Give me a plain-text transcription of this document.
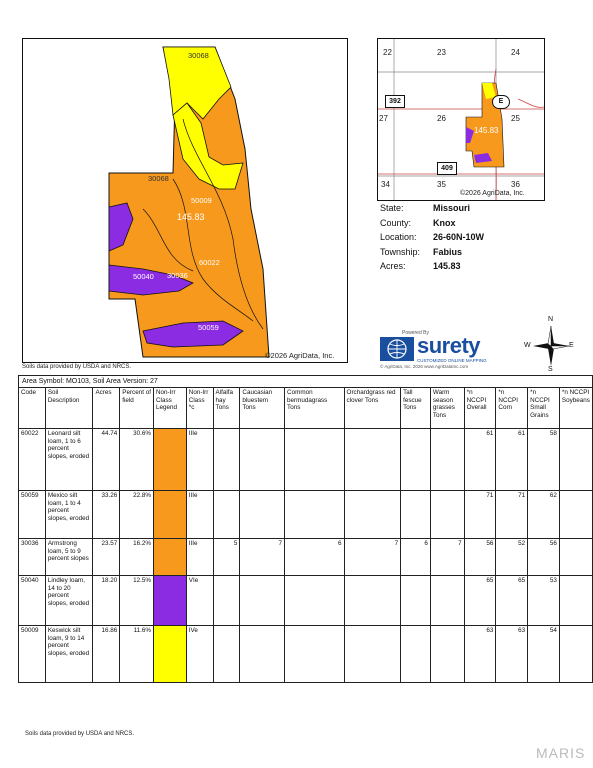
30068
30068
50009
145.83
60022
50040 30036
50059
©2026 AgriData, Inc.
Soils data provided by USDA and NRCS.
22	23	24
27	26	25
34	35	36
392	E
409
145.83
©2026 AgriData, Inc.
State:	Missouri
County: Knox
Location: 26-60N-10W
Township: Fabius
Acres:	145.83
Powered By
surety
CUSTOMIZED ONLINE MAPPING
© AgriData, Inc. 2026 www.AgriDataInc.com
N
S
W	E
Area Symbol: MO103, Soil Area Version: 27
Code	Soil Description	Acres	Percent of field	Non-Irr Class Legend	Non-Irr Class *c	Alfalfa hay Tons	Caucasian bluestem Tons	Common bermudagrass Tons	Orchardgrass red clover Tons	Tall fescue Tons	Warm season grasses Tons	*n NCCPI Overall	*n NCCPI Corn	*n NCCPI Small Grains	*n NCCPI Soybeans
60022	Leonard silt loam, 1 to 6 percent slopes, eroded	44.74	30.6%		IIIe							61	61	58	
50059	Mexico silt loam, 1 to 4 percent slopes, eroded	33.26	22.8%		IIIe							71	71	62	
30036	Armstrong loam, 5 to 9 percent slopes	23.57	16.2%		IIIe	5	7	6	7	6	7	56	52	56	
50040	Lindley loam, 14 to 20 percent slopes, eroded	18.20	12.5%		VIe							65	65	53	
50009	Keswick silt loam, 9 to 14 percent slopes, eroded	16.86	11.6%		IVe							63	63	54	
Soils data provided by USDA and NRCS.
MARIS
